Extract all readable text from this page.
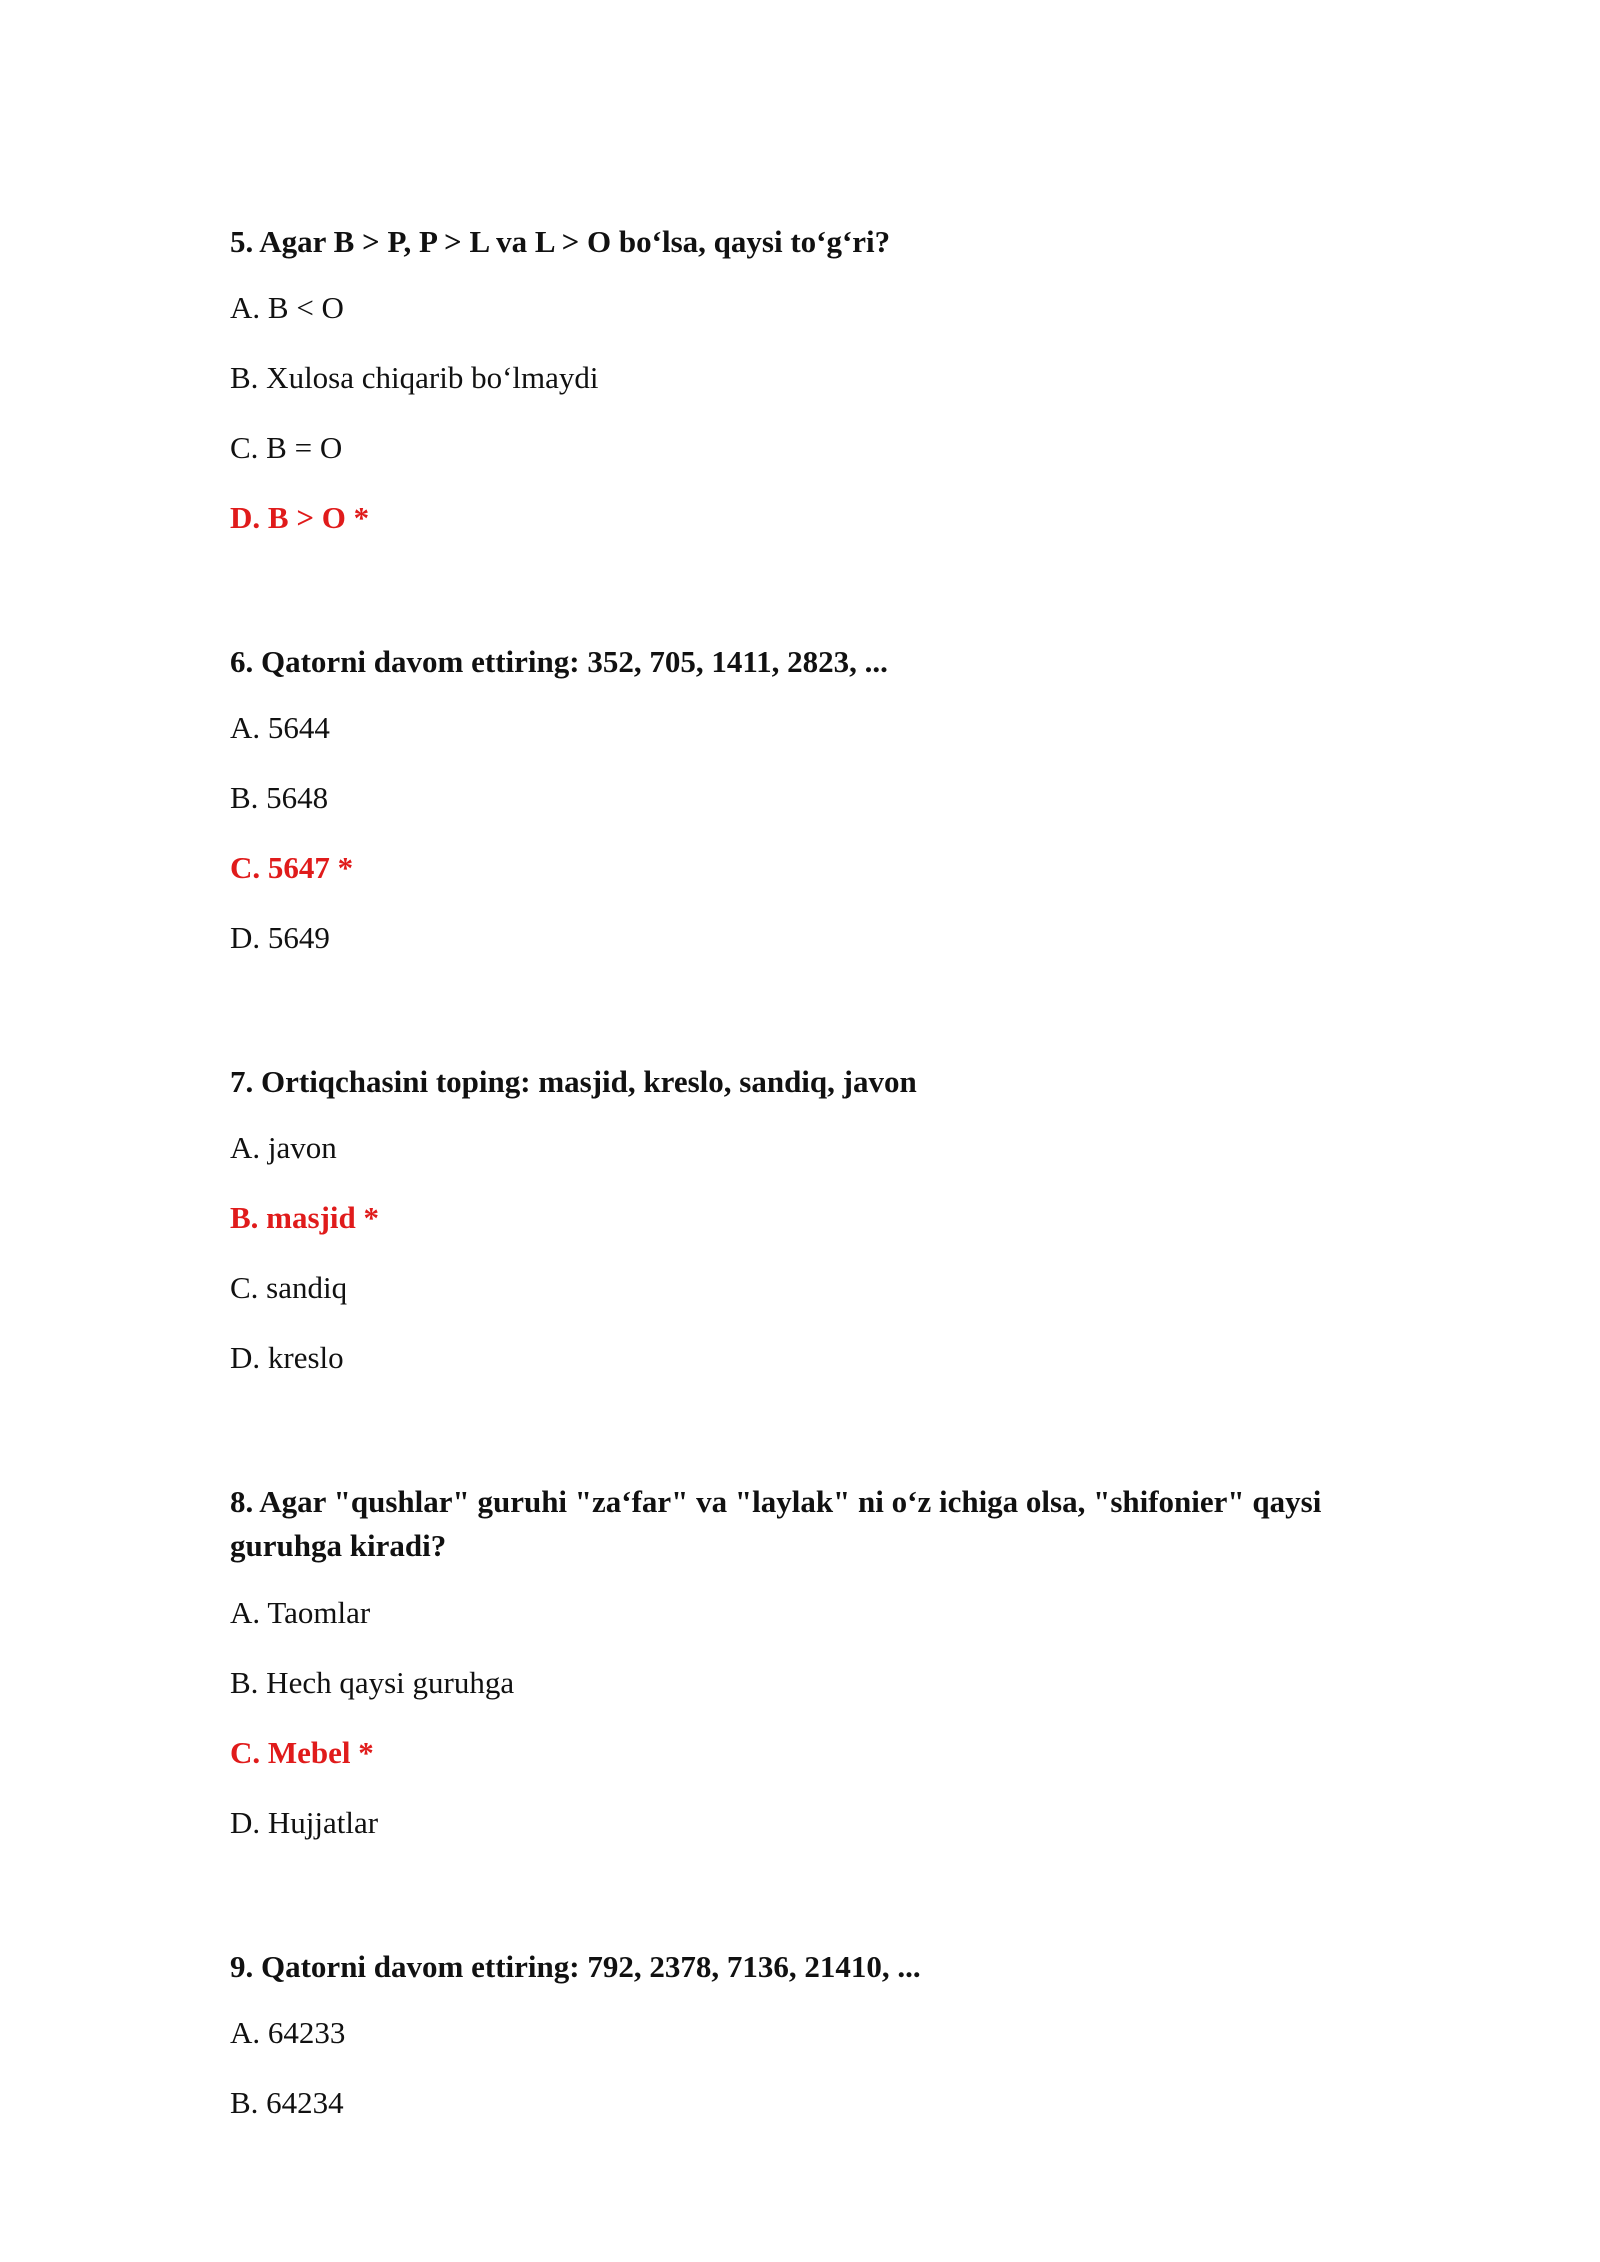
5. Agar B > P, P > L va L > O bo‘lsa, qaysi to‘g‘ri?

A. B < O

B. Xulosa chiqarib bo‘lmaydi

C. B = O

D. B > O *

6. Qatorni davom ettiring: 352, 705, 1411, 2823, ...

A. 5644

B. 5648

C. 5647 *

D. 5649

7. Ortiqchasini toping: masjid, kreslo, sandiq, javon

A. javon

B. masjid *

C. sandiq

D. kreslo

8. Agar "qushlar" guruhi "za‘far" va "laylak" ni o‘z ichiga olsa, "shifonier" qaysi guruhga kiradi?

A. Taomlar

B. Hech qaysi guruhga

C. Mebel *

D. Hujjatlar

9. Qatorni davom ettiring: 792, 2378, 7136, 21410, ...

A. 64233

B. 64234
